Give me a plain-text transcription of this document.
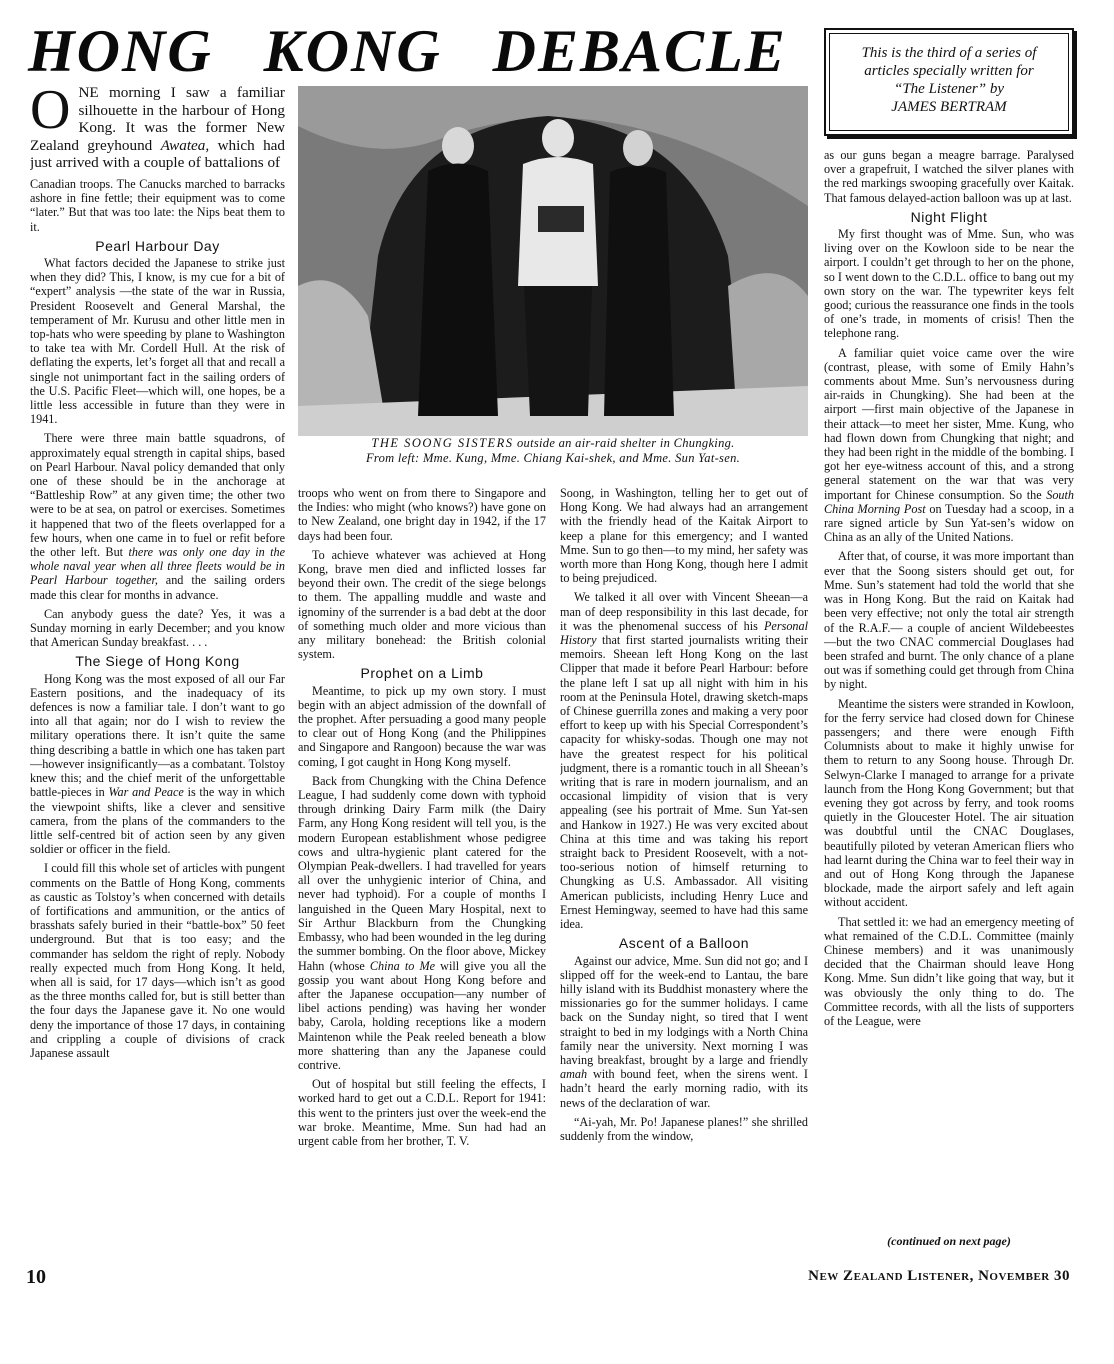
HONG KONG DEBACLE	This is the third of a series of
articles specially written for
“The Listener” by
JAMES BERTRAM

ONE morning I saw a familiar silhouette in the harbour of Hong Kong. It was the former New Zealand greyhound Awatea, which had just arrived with a couple of battalions of

Canadian troops. The Canucks marched to barracks ashore in fine fettle; their equipment was to come “later.” But that was too late: the Nips beat them to it.

Pearl Harbour Day

What factors decided the Japanese to strike just when they did? This, I know, is my cue for a bit of “expert” analysis —the state of the war in Russia, President Roosevelt and General Marshal, the temperament of Mr. Kurusu and other little men in top-hats who were speeding by plane to Washington to take tea with Mr. Cordell Hull. At the risk of deflating the experts, let’s forget all that and recall a single not unimportant fact in the sailing orders of the U.S. Pacific Fleet—which will, one hopes, be a little less accessible in future than they were in 1941.

There were three main battle squadrons, of approximately equal strength in capital ships, based on Pearl Harbour. Naval policy demanded that only one of these should be in the anchorage at “Battleship Row” at any given time; the other two were to be at sea, on patrol or exercises. Sometimes it happened that two of the fleets overlapped for a few hours, when one came in to fuel or refit before the other left. But there was only one day in the whole naval year when all three fleets would be in Pearl Harbour together, and the sailing orders made this clear for months in advance.

Can anybody guess the date? Yes, it was a Sunday morning in early December; and you know that American Sunday breakfast. . . .

The Siege of Hong Kong

Hong Kong was the most exposed of all our Far Eastern positions, and the inadequacy of its defences is now a familiar tale. I don’t want to go into all that again; nor do I wish to review the military operations there. It isn’t quite the same thing describing a battle in which one has taken part—however insignificantly—as a combatant. Tolstoy knew this; and the chief merit of the unforgettable battle-pieces in War and Peace is the way in which the viewpoint shifts, like a clever and sensitive camera, from the plans of the commanders to the little self-centred bit of action seen by any given soldier or officer in the field.

I could fill this whole set of articles with pungent comments on the Battle of Hong Kong, comments as caustic as Tolstoy’s when concerned with details of fortifications and ammunition, or the antics of brasshats safely buried in their “battle-box” 50 feet underground. But that is too easy; and the commander has seldom the right of reply. Nobody really expected much from Hong Kong. It held, when all is said, for 17 days—which isn’t as good as the three months called for, but is still better than the four days the Japanese gave it. No one would deny the importance of those 17 days, in containing and crippling a couple of divisions of crack Japanese assault

THE SOONG SISTERS outside an air-raid shelter in Chungking.
From left: Mme. Kung, Mme. Chiang Kai-shek, and Mme. Sun Yat-sen.

troops who went on from there to Singapore and the Indies: who might (who knows?) have gone on to New Zealand, one bright day in 1942, if the 17 days had been four.

To achieve whatever was achieved at Hong Kong, brave men died and inflicted losses far beyond their own. The credit of the siege belongs to them. The appalling muddle and waste and ignominy of the surrender is a bad debt at the door of something much older and more vicious than any military bonehead: the British colonial system.

Prophet on a Limb

Meantime, to pick up my own story. I must begin with an abject admission of the downfall of the prophet. After persuading a good many people to clear out of Hong Kong (and the Philippines and Singapore and Rangoon) because the war was coming, I got caught in Hong Kong myself.

Back from Chungking with the China Defence League, I had suddenly come down with typhoid through drinking Dairy Farm milk (the Dairy Farm, any Hong Kong resident will tell you, is the modern European establishment whose pedigree cows and ultra-hygienic plant catered for the Olympian Peak-dwellers. I had travelled for years all over the unhygienic interior of China, and never had typhoid). For a couple of months I languished in the Queen Mary Hospital, next to Sir Arthur Blackburn from the Chungking Embassy, who had been wounded in the leg during the summer bombing. On the floor above, Mickey Hahn (whose China to Me will give you all the gossip you want about Hong Kong before and after the Japanese occupation—any number of libel actions pending) was having her wonder baby, Carola, holding receptions like a modern Maintenon while the Peak reeled beneath a blow more shattering than any the Japanese could contrive.

Out of hospital but still feeling the effects, I worked hard to get out a C.D.L. Report for 1941: this went to the printers just over the week-end the war broke. Meantime, Mme. Sun had had an urgent cable from her brother, T. V.

Soong, in Washington, telling her to get out of Hong Kong. We had always had an arrangement with the friendly head of the Kaitak Airport to keep a plane for this emergency; and I wanted Mme. Sun to go then—to my mind, her safety was worth more than Hong Kong, though here I admit to being prejudiced.

We talked it all over with Vincent Sheean—a man of deep responsibility in this last decade, for it was the phenomenal success of his Personal History that first started journalists writing their memoirs. Sheean left Hong Kong on the last Clipper that made it before Pearl Harbour: before the plane left I sat up all night with him in his room at the Peninsula Hotel, drawing sketch-maps of Chinese guerrilla zones and making a very poor effort to keep up with his Special Correspondent’s capacity for whisky-sodas. Though one may not have the greatest respect for his political judgment, there is a romantic touch in all Sheean’s writing that is rare in modern journalism, and an occasional limpidity of vision that is very appealing (see his portrait of Mme. Sun Yat-sen and Hankow in 1927.) He was very excited about China at this time and was taking his report straight back to President Roosevelt, with a not-too-serious notion of himself returning to Chungking as U.S. Ambassador. All visiting American publicists, including Henry Luce and Ernest Hemingway, seemed to have had this same idea.

Ascent of a Balloon

Against our advice, Mme. Sun did not go; and I slipped off for the week-end to Lantau, the bare hilly island with its Buddhist monastery where the missionaries go for the summer holidays. I came back on the Sunday night, so tired that I went straight to bed in my lodgings with a North China family near the university. Next morning I was having breakfast, brought by a large and friendly amah with bound feet, when the sirens went. I hadn’t heard the early morning radio, with its news of the declaration of war.

“Ai-yah, Mr. Po! Japanese planes!” she shrilled suddenly from the window,

as our guns began a meagre barrage. Paralysed over a grapefruit, I watched the silver planes with the red markings swooping gracefully over Kaitak. That famous delayed-action balloon was up at last.

Night Flight

My first thought was of Mme. Sun, who was living over on the Kowloon side to be near the airport. I couldn’t get through to her on the phone, so I went down to the C.D.L. office to bang out my own story on the war. The typewriter keys felt good; curious the reassurance one finds in the tools of one’s trade, in moments of crisis! Then the telephone rang.

A familiar quiet voice came over the wire (contrast, please, with some of Emily Hahn’s comments about Mme. Sun’s nervousness during air-raids in Chungking). She had been at the airport —first main objective of the Japanese in their attack—to meet her sister, Mme. Kung, who had flown down from Chungking that night; and they had been right in the middle of the bombing. I got her eye-witness account of this, and a strong general statement on the war that was very important for Chinese consumption. So the South China Morning Post on Tuesday had a scoop, in a rare signed article by Sun Yat-sen’s widow on China as an ally of the United Nations.

After that, of course, it was more important than ever that the Soong sisters should get out, for Mme. Sun’s statement had told the world that she was in Hong Kong. But the raid on Kaitak had been very effective; not only the total air strength of the R.A.F.— a couple of ancient Wildebeestes—but the two CNAC commercial Douglases had been strafed and burnt. The only chance of a plane out was if something could get through from China by night.

Meantime the sisters were stranded in Kowloon, for the ferry service had closed down for Chinese passengers; and there were enough Fifth Columnists about to make it highly unwise for them to return to any Soong house. Through Dr. Selwyn-Clarke I managed to arrange for a private launch from the Hong Kong Government; but that evening they got across by ferry, and took rooms quietly in the Gloucester Hotel. The air situation was doubtful until the CNAC Douglases, beautifully piloted by veteran American fliers who had learnt during the China war to feel their way in and out of Hong Kong through the Japanese blockade, made the airport safely and left again without accident.

That settled it: we had an emergency meeting of what remained of the C.D.L. Committee (mainly Chinese members) and it was unanimously decided that the Chairman should leave Hong Kong. Mme. Sun didn’t like going that way, but it was obviously the only thing to do. The Committee records, with all the lists of supporters of the League, were

(continued on next page)
10	New Zealand Listener, November 30
